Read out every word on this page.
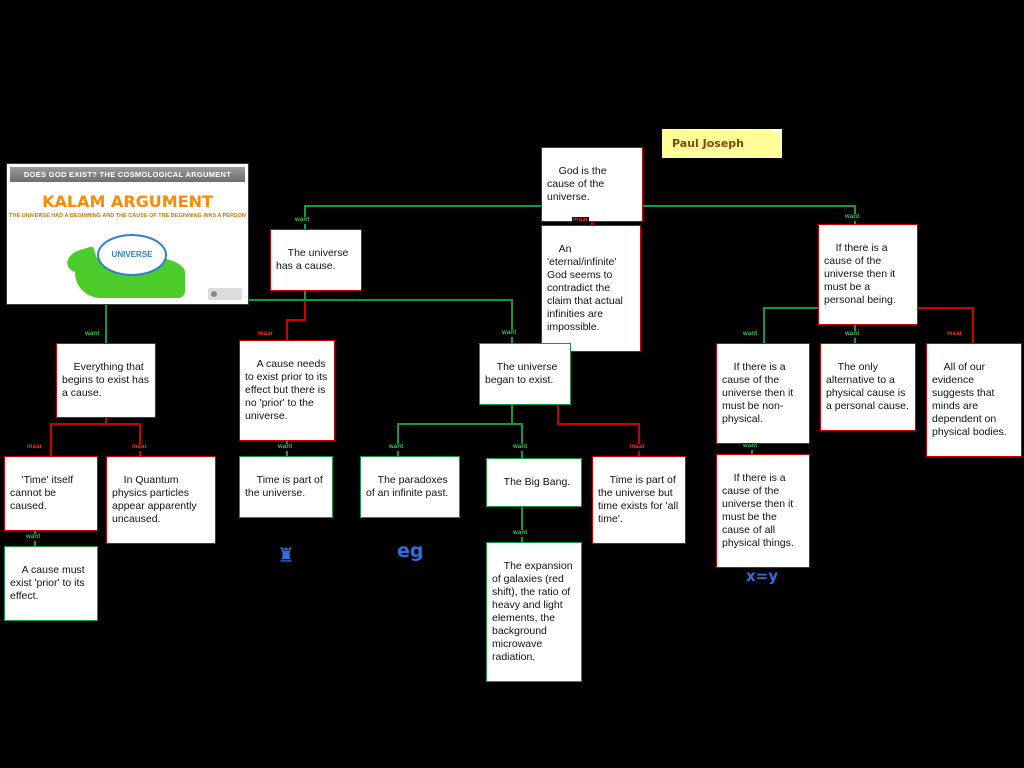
Paul Joseph
DOES GOD EXIST? THE COSMOLOGICAL ARGUMENT
KALAM ARGUMENT
THE UNIVERSE HAD A BEGINNING AND THE CAUSE OF THE BEGINNING WAS A PERSON
UNIVERSE

God is the cause of the universe.

The universe has a cause.

An 'eternal/infinite' God seems to contradict the claim that actual infinities are impossible.

If there is a cause of the universe then it must be a personal being.

Everything that begins to exist has a cause.

A cause needs to exist prior to its effect but there is no 'prior' to the universe.

The universe began to exist.

If there is a cause of the universe then it must be non-physical.

The only alternative to a physical cause is a personal cause.

All of our evidence suggests that minds are dependent on physical bodies.

'Time' itself cannot be caused.

In Quantum physics particles appear apparently uncaused.

Time is part of the universe.

The paradoxes of an infinite past.

The Big Bang.
	Time is part of the universe but time exists for 'all time'.

If there is a cause of the universe then it must be the cause of all physical things.

A cause must exist 'prior' to its effect.

The expansion of galaxies (red shift), the ratio of heavy and light elements, the background microwave radiation.

want	maar	want
want	maar	want	want	want	maar
maar	maar	want	want	want	maar	want
want
want
♜	eg
x=y
